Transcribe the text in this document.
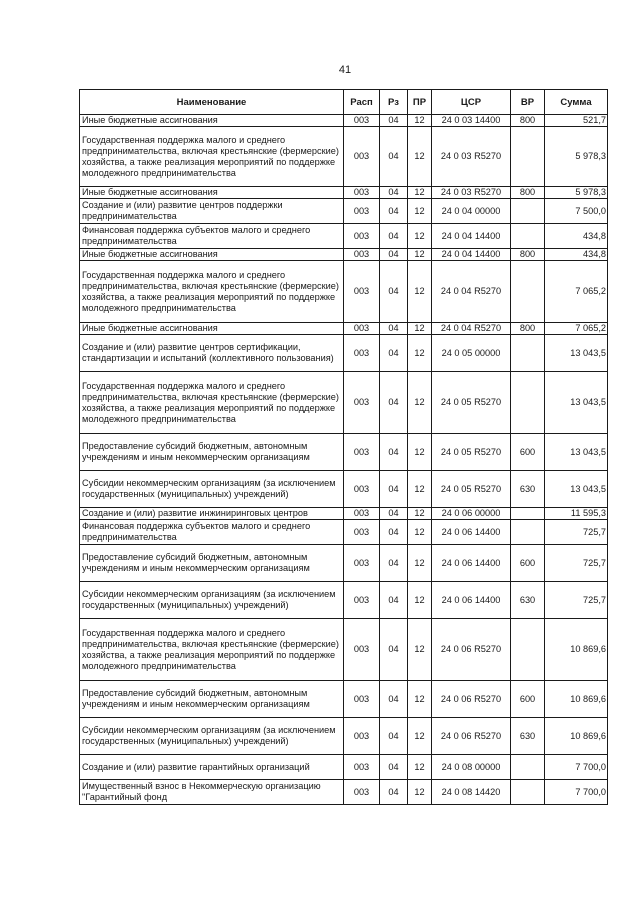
41
Наименование	Расп	Рз	ПР	ЦСР	ВР	Сумма
Иные бюджетные ассигнования	003	04	12	24 0 03 14400	800	521,7
Государственная поддержка малого и среднего предпринимательства, включая крестьянские (фермерские) хозяйства, а также реализация мероприятий по поддержке молодежного предпринимательства	003	04	12	24 0 03 R5270		5 978,3
Иные бюджетные ассигнования	003	04	12	24 0 03 R5270	800	5 978,3
Создание и (или) развитие центров поддержки предпринимательства	003	04	12	24 0 04 00000		7 500,0
Финансовая поддержка субъектов малого и среднего предпринимательства	003	04	12	24 0 04 14400		434,8
Иные бюджетные ассигнования	003	04	12	24 0 04 14400	800	434,8
Государственная поддержка малого и среднего предпринимательства, включая крестьянские (фермерские) хозяйства, а также реализация мероприятий по поддержке молодежного предпринимательства	003	04	12	24 0 04 R5270		7 065,2
Иные бюджетные ассигнования	003	04	12	24 0 04 R5270	800	7 065,2
Создание и (или) развитие центров сертификации, стандартизации и испытаний (коллективного пользования)	003	04	12	24 0 05 00000		13 043,5
Государственная поддержка малого и среднего предпринимательства, включая крестьянские (фермерские) хозяйства, а также реализация мероприятий по поддержке молодежного предпринимательства	003	04	12	24 0 05 R5270		13 043,5
Предоставление субсидий бюджетным, автономным учреждениям и иным некоммерческим организациям	003	04	12	24 0 05 R5270	600	13 043,5
Субсидии некоммерческим организациям (за исключением государственных (муниципальных) учреждений)	003	04	12	24 0 05 R5270	630	13 043,5
Создание и (или) развитие инжиниринговых центров	003	04	12	24 0 06 00000		11 595,3
Финансовая поддержка субъектов малого и среднего предпринимательства	003	04	12	24 0 06 14400		725,7
Предоставление субсидий бюджетным, автономным учреждениям и иным некоммерческим организациям	003	04	12	24 0 06 14400	600	725,7
Субсидии некоммерческим организациям (за исключением государственных (муниципальных) учреждений)	003	04	12	24 0 06 14400	630	725,7
Государственная поддержка малого и среднего предпринимательства, включая крестьянские (фермерские) хозяйства, а также реализация мероприятий по поддержке молодежного предпринимательства	003	04	12	24 0 06 R5270		10 869,6
Предоставление субсидий бюджетным, автономным учреждениям и иным некоммерческим организациям	003	04	12	24 0 06 R5270	600	10 869,6
Субсидии некоммерческим организациям (за исключением государственных (муниципальных) учреждений)	003	04	12	24 0 06 R5270	630	10 869,6
Создание и (или) развитие гарантийных организаций	003	04	12	24 0 08 00000		7 700,0
Имущественный взнос в Некоммерческую организацию "Гарантийный фонд	003	04	12	24 0 08 14420		7 700,0
